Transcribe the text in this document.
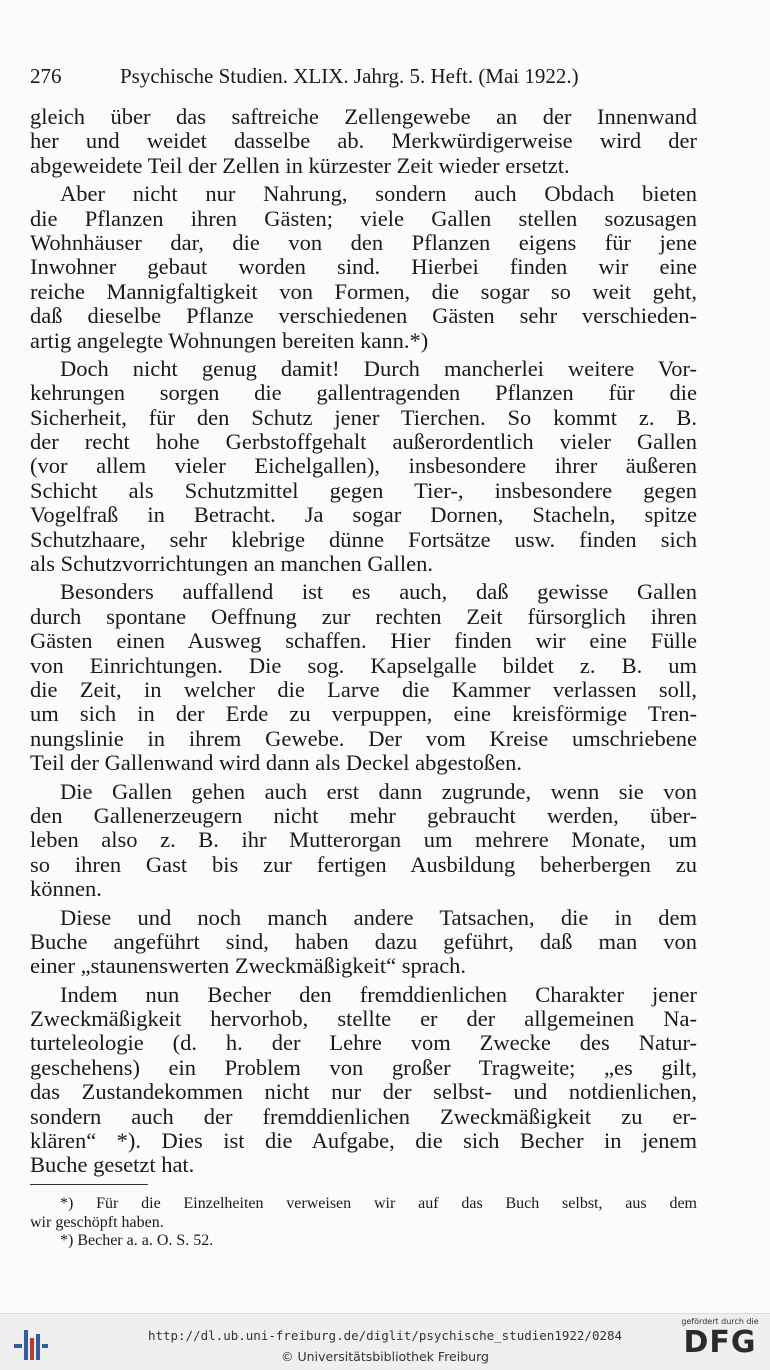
276	Psychische Studien. XLIX. Jahrg. 5. Heft. (Mai 1922.)
gleich über das saftreiche Zellengewebe an der Innenwand
her und weidet dasselbe ab. Merkwürdigerweise wird der
abgeweidete Teil der Zellen in kürzester Zeit wieder ersetzt.
Aber nicht nur Nahrung, sondern auch Obdach bieten
die Pflanzen ihren Gästen; viele Gallen stellen sozusagen
Wohnhäuser dar, die von den Pflanzen eigens für jene
Inwohner gebaut worden sind. Hierbei finden wir eine
reiche Mannigfaltigkeit von Formen, die sogar so weit geht,
daß dieselbe Pflanze verschiedenen Gästen sehr verschieden-
artig angelegte Wohnungen bereiten kann.*)
Doch nicht genug damit! Durch mancherlei weitere Vor-
kehrungen sorgen die gallentragenden Pflanzen für die
Sicherheit, für den Schutz jener Tierchen. So kommt z. B.
der recht hohe Gerbstoffgehalt außerordentlich vieler Gallen
(vor allem vieler Eichelgallen), insbesondere ihrer äußeren
Schicht als Schutzmittel gegen Tier-, insbesondere gegen
Vogelfraß in Betracht. Ja sogar Dornen, Stacheln, spitze
Schutzhaare, sehr klebrige dünne Fortsätze usw. finden sich
als Schutzvorrichtungen an manchen Gallen.
Besonders auffallend ist es auch, daß gewisse Gallen
durch spontane Oeffnung zur rechten Zeit fürsorglich ihren
Gästen einen Ausweg schaffen. Hier finden wir eine Fülle
von Einrichtungen. Die sog. Kapselgalle bildet z. B. um
die Zeit, in welcher die Larve die Kammer verlassen soll,
um sich in der Erde zu verpuppen, eine kreisförmige Tren-
nungslinie in ihrem Gewebe. Der vom Kreise umschriebene
Teil der Gallenwand wird dann als Deckel abgestoßen.
Die Gallen gehen auch erst dann zugrunde, wenn sie von
den Gallenerzeugern nicht mehr gebraucht werden, über-
leben also z. B. ihr Mutterorgan um mehrere Monate, um
so ihren Gast bis zur fertigen Ausbildung beherbergen zu
können.
Diese und noch manch andere Tatsachen, die in dem
Buche angeführt sind, haben dazu geführt, daß man von
einer „staunenswerten Zweckmäßigkeit“ sprach.
Indem nun Becher den fremddienlichen Charakter jener
Zweckmäßigkeit hervorhob, stellte er der allgemeinen Na-
turteleologie (d. h. der Lehre vom Zwecke des Natur-
geschehens) ein Problem von großer Tragweite; „es gilt,
das Zustandekommen nicht nur der selbst- und notdienlichen,
sondern auch der fremddienlichen Zweckmäßigkeit zu er-
klären“ *). Dies ist die Aufgabe, die sich Becher in jenem
Buche gesetzt hat.
*) Für die Einzelheiten verweisen wir auf das Buch selbst, aus dem
wir geschöpft haben.
*) Becher a. a. O. S. 52.
http://dl.ub.uni-freiburg.de/diglit/psychische_studien1922/0284
© Universitätsbibliothek Freiburg
gefördert durch die
DFG
